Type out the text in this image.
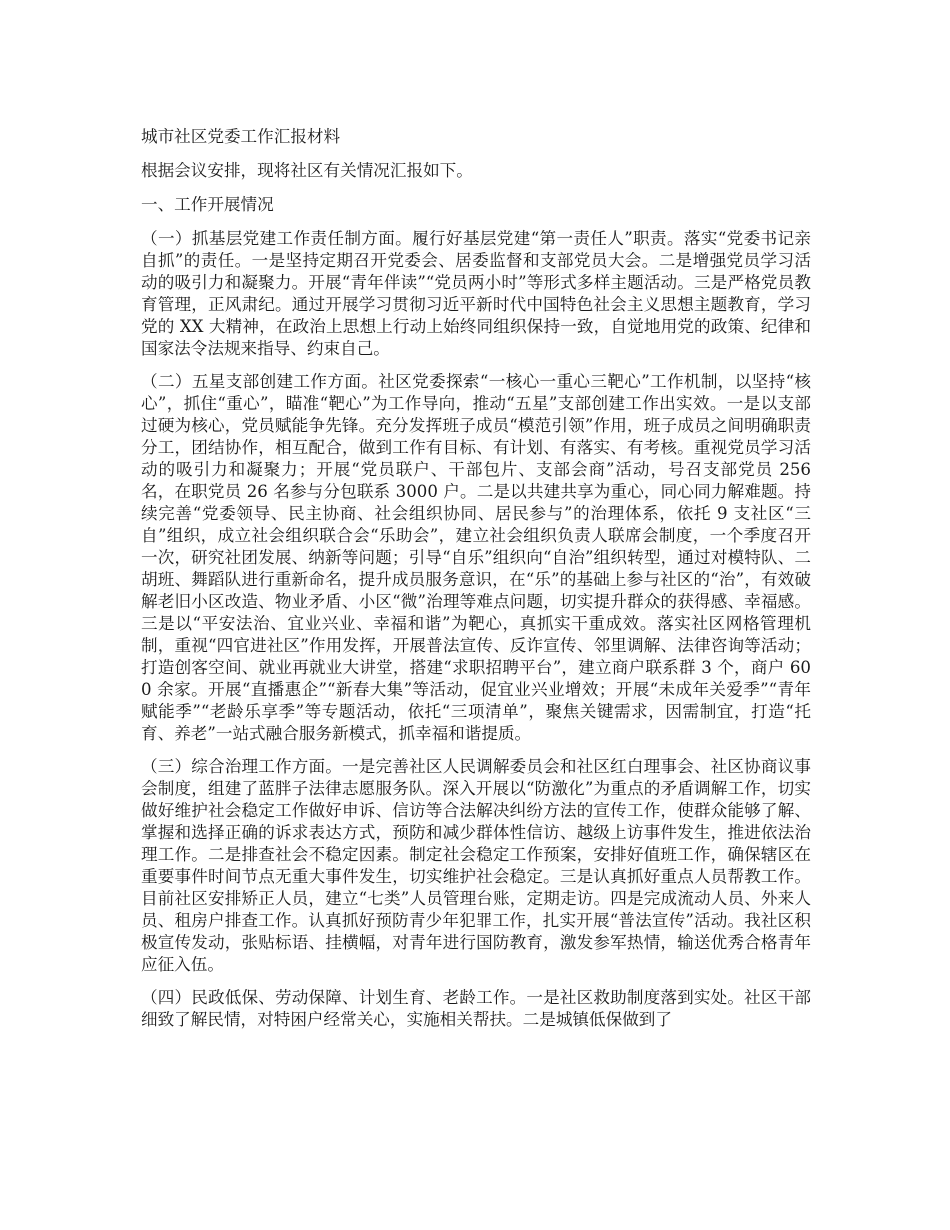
城市社区党委工作汇报材料

根据会议安排，现将社区有关情况汇报如下。

一、工作开展情况

（一）抓基层党建工作责任制方面。履行好基层党建“第一责任人”职责。落实“党委书记亲自抓”的责任。一是坚持定期召开党委会、居委监督和支部党员大会。二是增强党员学习活动的吸引力和凝聚力。开展“青年伴读”“党员两小时”等形式多样主题活动。三是严格党员教育管理，正风肃纪。通过开展学习贯彻习近平新时代中国特色社会主义思想主题教育，学习党的 XX 大精神，在政治上思想上行动上始终同组织保持一致，自觉地用党的政策、纪律和国家法令法规来指导、约束自己。

（二）五星支部创建工作方面。社区党委探索“一核心一重心三靶心”工作机制，以坚持“核心”，抓住“重心”，瞄准“靶心”为工作导向，推动“五星”支部创建工作出实效。一是以支部过硬为核心，党员赋能争先锋。充分发挥班子成员“模范引领”作用，班子成员之间明确职责分工，团结协作，相互配合，做到工作有目标、有计划、有落实、有考核。重视党员学习活动的吸引力和凝聚力；开展“党员联户、干部包片、支部会商”活动，号召支部党员 256 名，在职党员 26 名参与分包联系 3000 户。二是以共建共享为重心，同心同力解难题。持续完善“党委领导、民主协商、社会组织协同、居民参与”的治理体系，依托 9 支社区“三自”组织，成立社会组织联合会“乐助会”，建立社会组织负责人联席会制度，一个季度召开一次，研究社团发展、纳新等问题；引导“自乐”组织向“自治”组织转型，通过对模特队、二胡班、舞蹈队进行重新命名，提升成员服务意识，在“乐”的基础上参与社区的“治”，有效破解老旧小区改造、物业矛盾、小区“微”治理等难点问题，切实提升群众的获得感、幸福感。三是以“平安法治、宜业兴业、幸福和谐”为靶心，真抓实干重成效。落实社区网格管理机制，重视“四官进社区”作用发挥，开展普法宣传、反诈宣传、邻里调解、法律咨询等活动；打造创客空间、就业再就业大讲堂，搭建“求职招聘平台”，建立商户联系群 3 个，商户 600 余家。开展“直播惠企”“新春大集”等活动，促宜业兴业增效；开展“未成年关爱季”“青年赋能季”“老龄乐享季”等专题活动，依托“三项清单”，聚焦关键需求，因需制宜，打造“托育、养老”一站式融合服务新模式，抓幸福和谐提质。

（三）综合治理工作方面。一是完善社区人民调解委员会和社区红白理事会、社区协商议事会制度，组建了蓝胖子法律志愿服务队。深入开展以“防激化”为重点的矛盾调解工作，切实做好维护社会稳定工作做好申诉、信访等合法解决纠纷方法的宣传工作，使群众能够了解、掌握和选择正确的诉求表达方式，预防和减少群体性信访、越级上访事件发生，推进依法治理工作。二是排查社会不稳定因素。制定社会稳定工作预案，安排好值班工作，确保辖区在重要事件时间节点无重大事件发生，切实维护社会稳定。三是认真抓好重点人员帮教工作。目前社区安排矫正人员，建立“七类”人员管理台账，定期走访。四是完成流动人员、外来人员、租房户排查工作。认真抓好预防青少年犯罪工作，扎实开展“普法宣传”活动。我社区积极宣传发动，张贴标语、挂横幅，对青年进行国防教育，激发参军热情，输送优秀合格青年应征入伍。

（四）民政低保、劳动保障、计划生育、老龄工作。一是社区救助制度落到实处。社区干部细致了解民情，对特困户经常关心，实施相关帮扶。二是城镇低保做到了
